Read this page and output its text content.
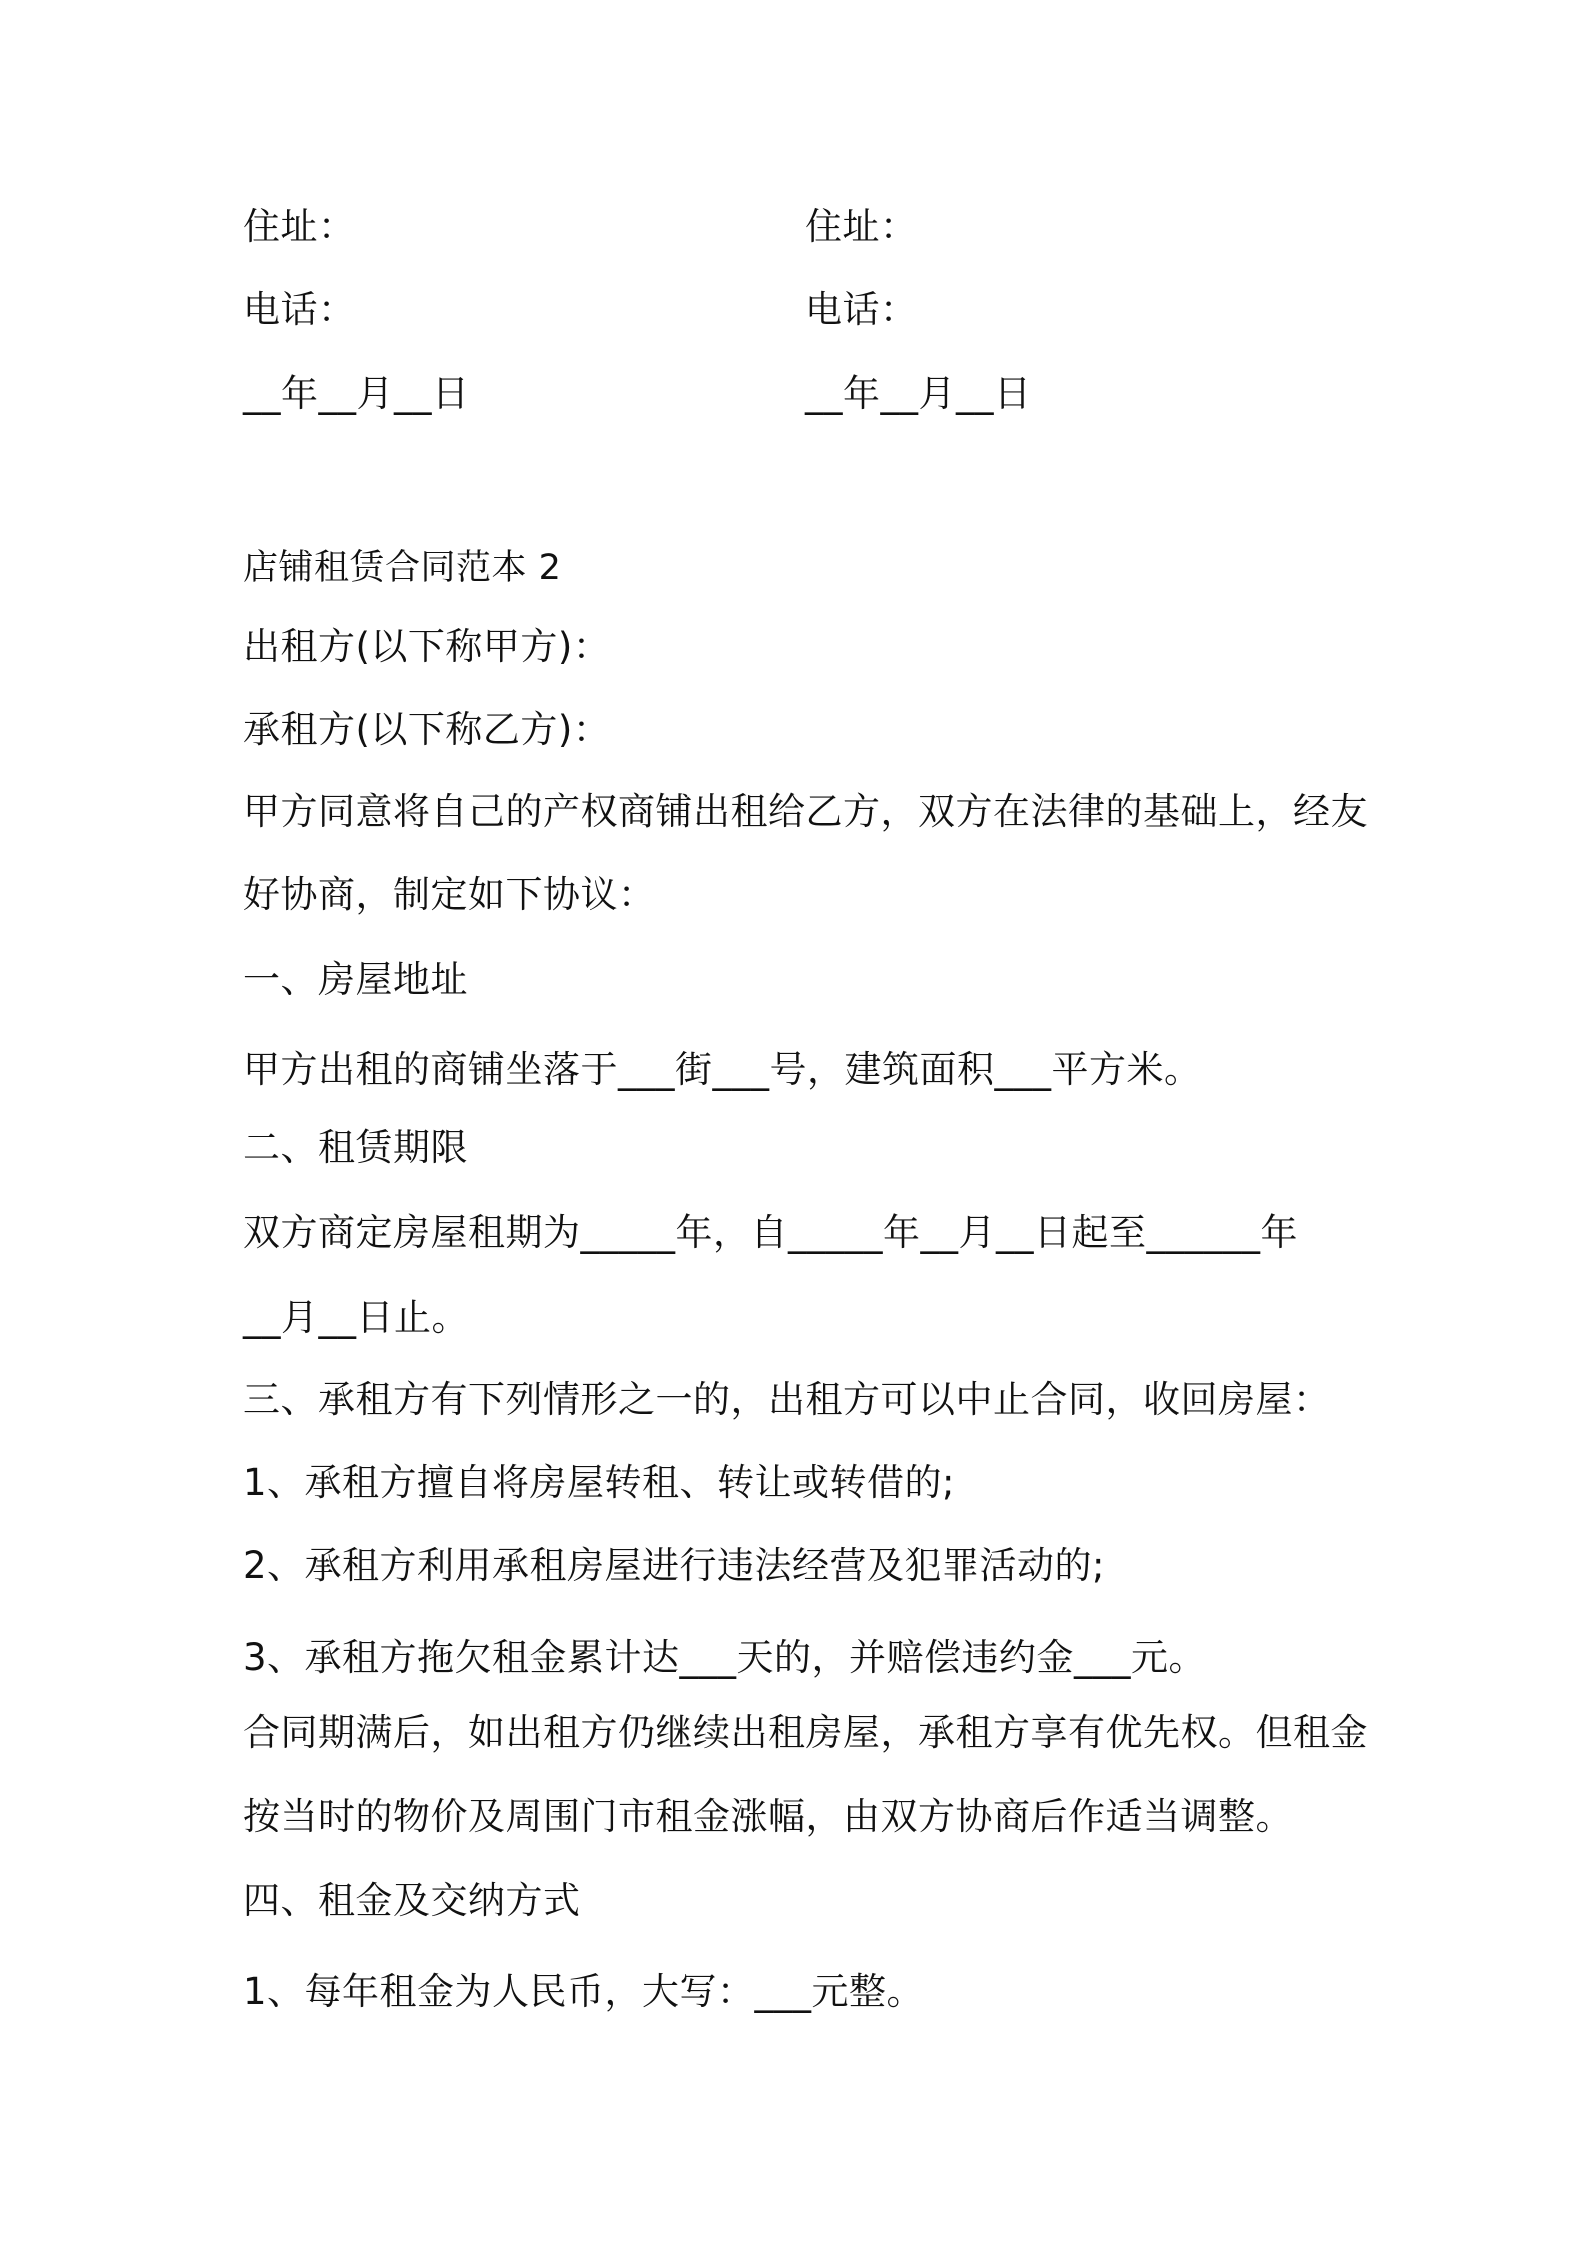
住址：	住址：
电话：	电话：
__年__月__日	__年__月__日
店铺租赁合同范本 2
出租方(以下称甲方)：
承租方(以下称乙方)：
甲方同意将自己的产权商铺出租给乙方，双方在法律的基础上，经友
好协商，制定如下协议：
一、房屋地址
甲方出租的商铺坐落于___街___号，建筑面积___平方米。
二、租赁期限
双方商定房屋租期为_____年，自_____年__月__日起至______年
__月__日止。
三、承租方有下列情形之一的，出租方可以中止合同，收回房屋：
1、承租方擅自将房屋转租、转让或转借的;
2、承租方利用承租房屋进行违法经营及犯罪活动的;
3、承租方拖欠租金累计达___天的，并赔偿违约金___元。
合同期满后，如出租方仍继续出租房屋，承租方享有优先权。但租金
按当时的物价及周围门市租金涨幅，由双方协商后作适当调整。
四、租金及交纳方式
1、每年租金为人民币，大写：___元整。
